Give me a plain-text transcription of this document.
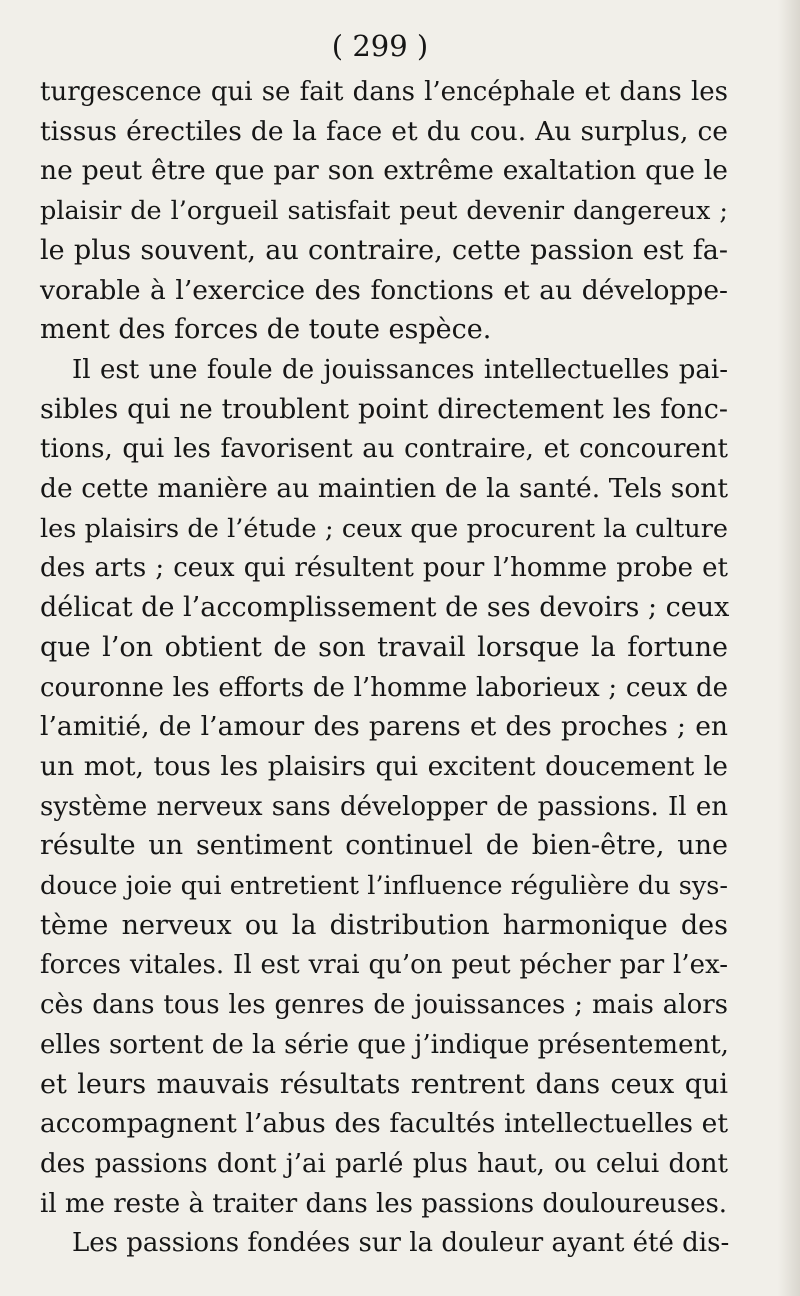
( 299 )
turgescence qui se fait dans l’encéphale et dans les
tissus érectiles de la face et du cou. Au surplus, ce
ne peut être que par son extrême exaltation que le
plaisir de l’orgueil satisfait peut devenir dangereux ;
le plus souvent, au contraire, cette passion est fa-
vorable à l’exercice des fonctions et au développe-
ment des forces de toute espèce.
Il est une foule de jouissances intellectuelles pai-
sibles qui ne troublent point directement les fonc-
tions, qui les favorisent au contraire, et concourent
de cette manière au maintien de la santé. Tels sont
les plaisirs de l’étude ; ceux que procurent la culture
des arts ; ceux qui résultent pour l’homme probe et
délicat de l’accomplissement de ses devoirs ; ceux
que l’on obtient de son travail lorsque la fortune
couronne les efforts de l’homme laborieux ; ceux de
l’amitié, de l’amour des parens et des proches ; en
un mot, tous les plaisirs qui excitent doucement le
système nerveux sans développer de passions. Il en
résulte un sentiment continuel de bien-être, une
douce joie qui entretient l’influence régulière du sys-
tème nerveux ou la distribution harmonique des
forces vitales. Il est vrai qu’on peut pécher par l’ex-
cès dans tous les genres de jouissances ; mais alors
elles sortent de la série que j’indique présentement,
et leurs mauvais résultats rentrent dans ceux qui
accompagnent l’abus des facultés intellectuelles et
des passions dont j’ai parlé plus haut, ou celui dont
il me reste à traiter dans les passions douloureuses.
Les passions fondées sur la douleur ayant été dis-
